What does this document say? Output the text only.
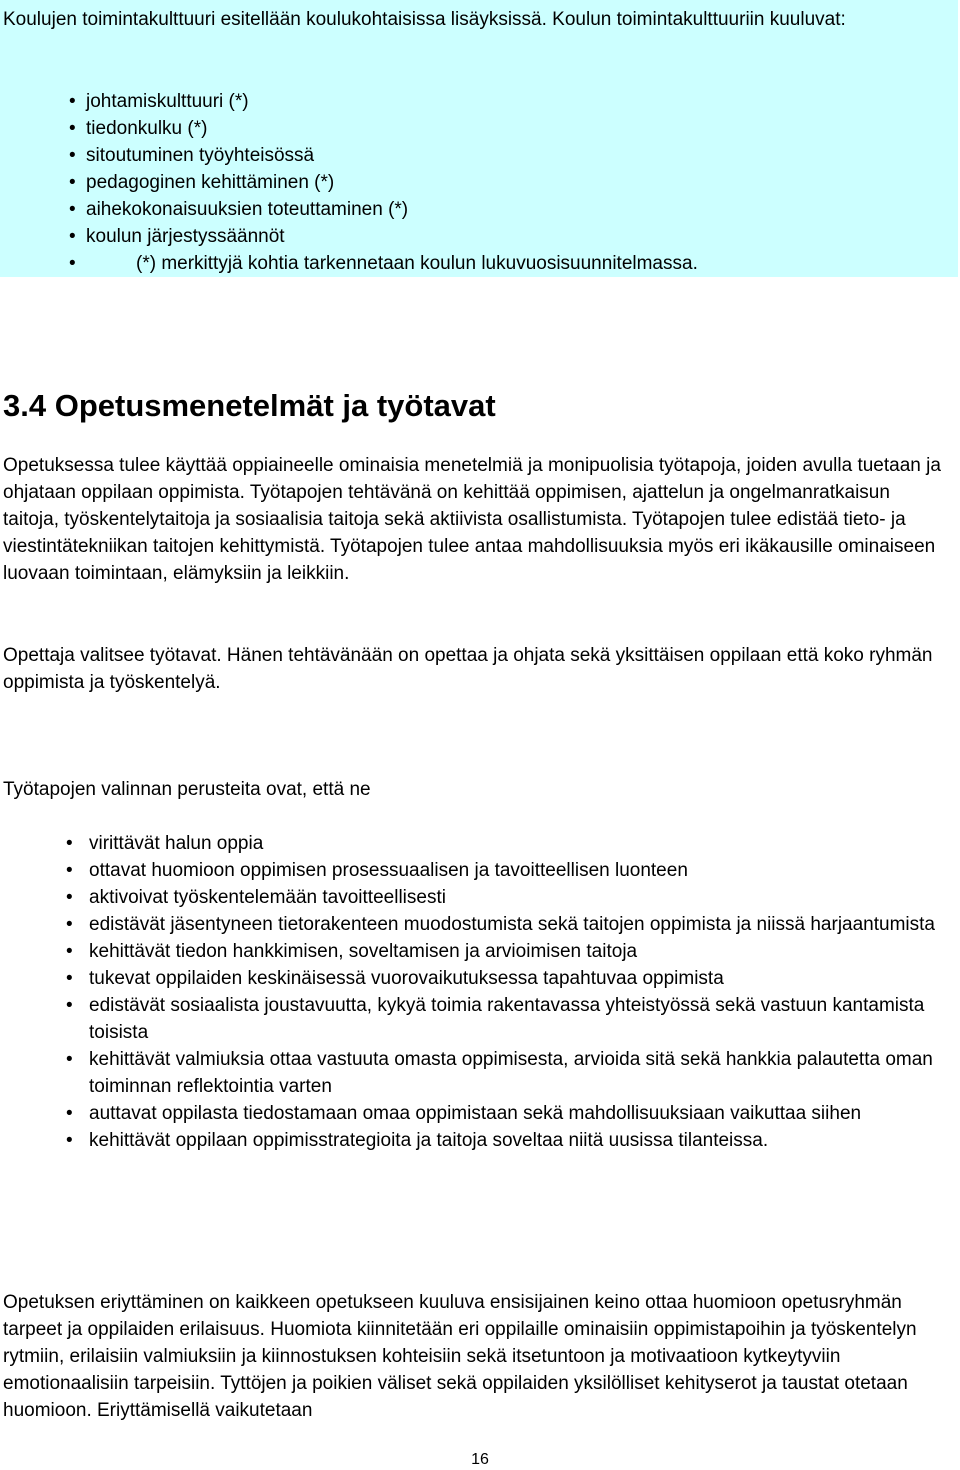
Koulujen toimintakulttuuri esitellään koulukohtaisissa lisäyksissä. Koulun toimintakulttuuriin kuuluvat:

• johtamiskulttuuri (*)
• tiedonkulku (*)
• sitoutuminen työyhteisössä
• pedagoginen kehittäminen (*)
• aihekokonaisuuksien toteuttaminen (*)
• koulun järjestyssäännöt
•	(*) merkittyjä kohtia tarkennetaan koulun lukuvuosisuunnitelmassa.
3.4 Opetusmenetelmät ja työtavat

Opetuksessa tulee käyttää oppiaineelle ominaisia menetelmiä ja monipuolisia työtapoja, joiden avulla tuetaan ja ohjataan oppilaan oppimista. Työtapojen tehtävänä on kehittää oppimisen, ajattelun ja ongelmanratkaisun taitoja, työskentelytaitoja ja sosiaalisia taitoja sekä aktiivista osallistumista. Työtapojen tulee edistää tieto- ja viestintätekniikan taitojen kehittymistä. Työtapojen tulee antaa mahdollisuuksia myös eri ikäkausille ominaiseen luovaan toimintaan, elämyksiin ja leikkiin.

Opettaja valitsee työtavat. Hänen tehtävänään on opettaa ja ohjata sekä yksittäisen oppilaan että koko ryhmän oppimista ja työskentelyä.

Työtapojen valinnan perusteita ovat, että ne

• virittävät halun oppia
• ottavat huomioon oppimisen prosessuaalisen ja tavoitteellisen luonteen
• aktivoivat työskentelemään tavoitteellisesti
• edistävät jäsentyneen tietorakenteen muodostumista sekä taitojen oppimista ja niissä harjaantumista
• kehittävät tiedon hankkimisen, soveltamisen ja arvioimisen taitoja
• tukevat oppilaiden keskinäisessä vuorovaikutuksessa tapahtuvaa oppimista
• edistävät sosiaalista joustavuutta, kykyä toimia rakentavassa yhteistyössä sekä vastuun kantamista toisista
• kehittävät valmiuksia ottaa vastuuta omasta oppimisesta, arvioida sitä sekä hankkia palautetta oman toiminnan reflektointia varten
• auttavat oppilasta tiedostamaan omaa oppimistaan sekä mahdollisuuksiaan vaikuttaa siihen
• kehittävät oppilaan oppimisstrategioita ja taitoja soveltaa niitä uusissa tilanteissa.

Opetuksen eriyttäminen on kaikkeen opetukseen kuuluva ensisijainen keino ottaa huomioon opetusryhmän tarpeet ja oppilaiden erilaisuus. Huomiota kiinnitetään eri oppilaille ominaisiin oppimistapoihin ja työskentelyn rytmiin, erilaisiin valmiuksiin ja kiinnostuksen kohteisiin sekä itsetuntoon ja motivaatioon kytkeytyviin emotionaalisiin tarpeisiin. Tyttöjen ja poikien väliset sekä oppilaiden yksilölliset kehityserot ja taustat otetaan huomioon. Eriyttämisellä vaikutetaan

16
